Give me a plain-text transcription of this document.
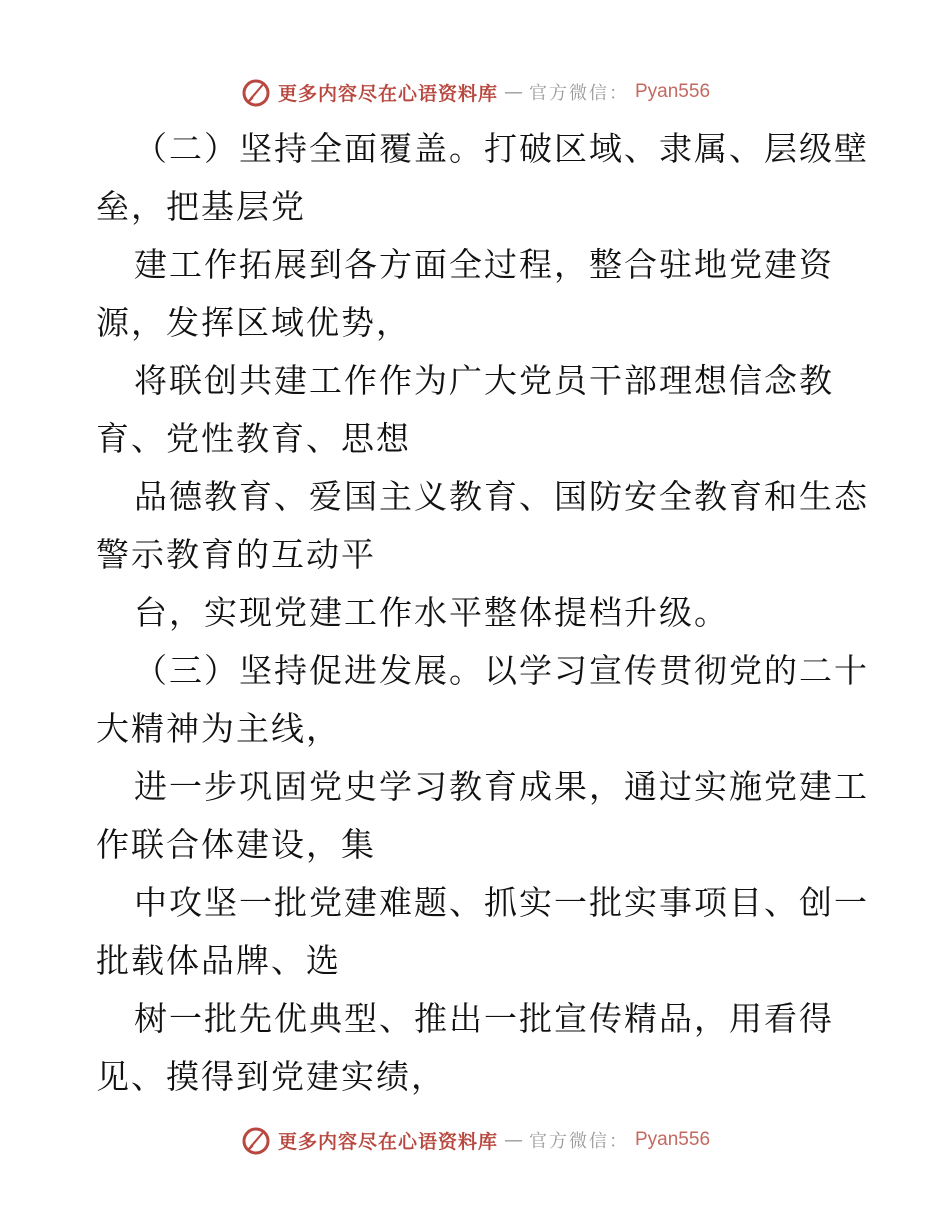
更多内容尽在心语资料库 — 官方微信： Pyan556
（二）坚持全面覆盖。打破区域、隶属、层级壁
垒，把基层党
建工作拓展到各方面全过程，整合驻地党建资
源，发挥区域优势，
将联创共建工作作为广大党员干部理想信念教
育、党性教育、思想
品德教育、爱国主义教育、国防安全教育和生态
警示教育的互动平
台，实现党建工作水平整体提档升级。
（三）坚持促进发展。以学习宣传贯彻党的二十
大精神为主线，
进一步巩固党史学习教育成果，通过实施党建工
作联合体建设，集
中攻坚一批党建难题、抓实一批实事项目、创一
批载体品牌、选
树一批先优典型、推出一批宣传精品，用看得
见、摸得到党建实绩，
更多内容尽在心语资料库 — 官方微信： Pyan556
